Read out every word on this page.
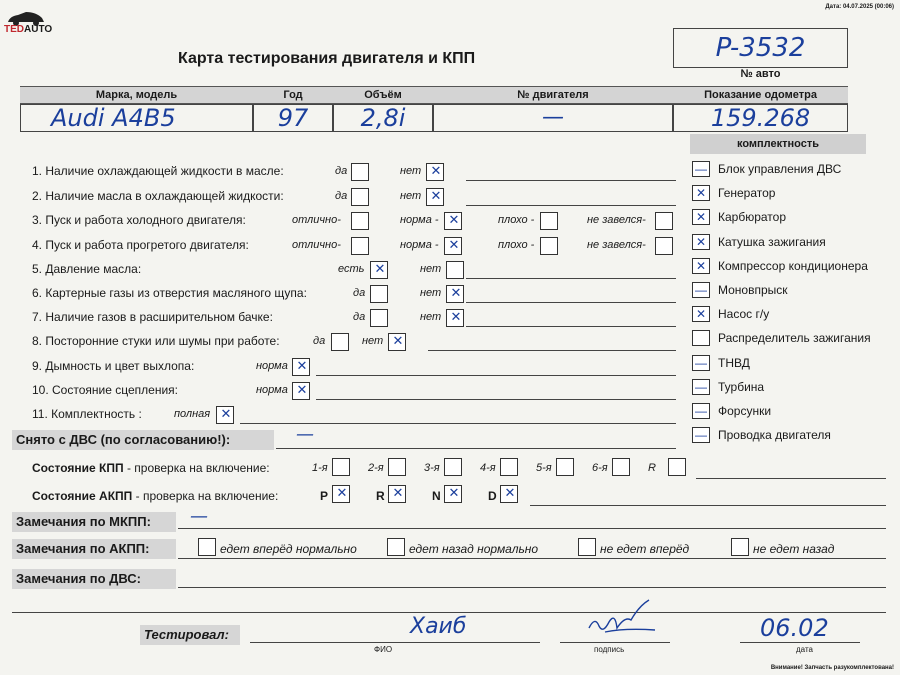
TEDAUTO
Дата: 04.07.2025 (00:06)
Карта тестирования двигателя и КПП	P-3532
№ авто
Марка, модель	Год	Объём	№ двигателя	Показание одометра
Audi A4B5	97	2,8i	—	159.268
комплектность
— Блок управления ДВС
✕ Генератор
✕ Карбюратор
✕ Катушка зажигания
✕ Компрессор кондиционера
— Моновпрыск
✕ Насос г/у
Распределитель зажигания
— ТНВД
— Турбина
— Форсунки
— Проводка двигателя
1. Наличие охлаждающей жидкости в масле:	да	нет ✕
2. Наличие масла в охлаждающей жидкости:	да	нет ✕
3. Пуск и работа холодного двигателя:	отлично-	норма - ✕	плохо -	не завелся-
4. Пуск и работа прогретого двигателя:	отлично-	норма - ✕	плохо -	не завелся-
5. Давление масла:	есть ✕	нет
6. Картерные газы из отверстия масляного щупа:	да	нет ✕
7. Наличие газов в расширительном бачке:	да	нет ✕
8. Посторонние стуки или шумы при работе:	да	нет ✕
9. Дымность и цвет выхлопа:	норма ✕
10. Состояние сцепления:	норма ✕
11. Комплектность :	полная ✕
Снято с ДВС (по согласованию!):	—
Состояние КПП - проверка на включение:	1-я	2-я	3-я	4-я	5-я	6-я	R
Состояние АКПП - проверка на включение:	P ✕ R ✕ N ✕ D ✕
Замечания по МКПП:	—
Замечания по АКПП:	едет вперёд нормально	едет назад нормально	не едет вперёд	не едет назад
Замечания по ДВС:
Тестировал:	Хаиб
ФИО	подпись
06.02
дата
Внимание! Запчасть разукомплектована!
